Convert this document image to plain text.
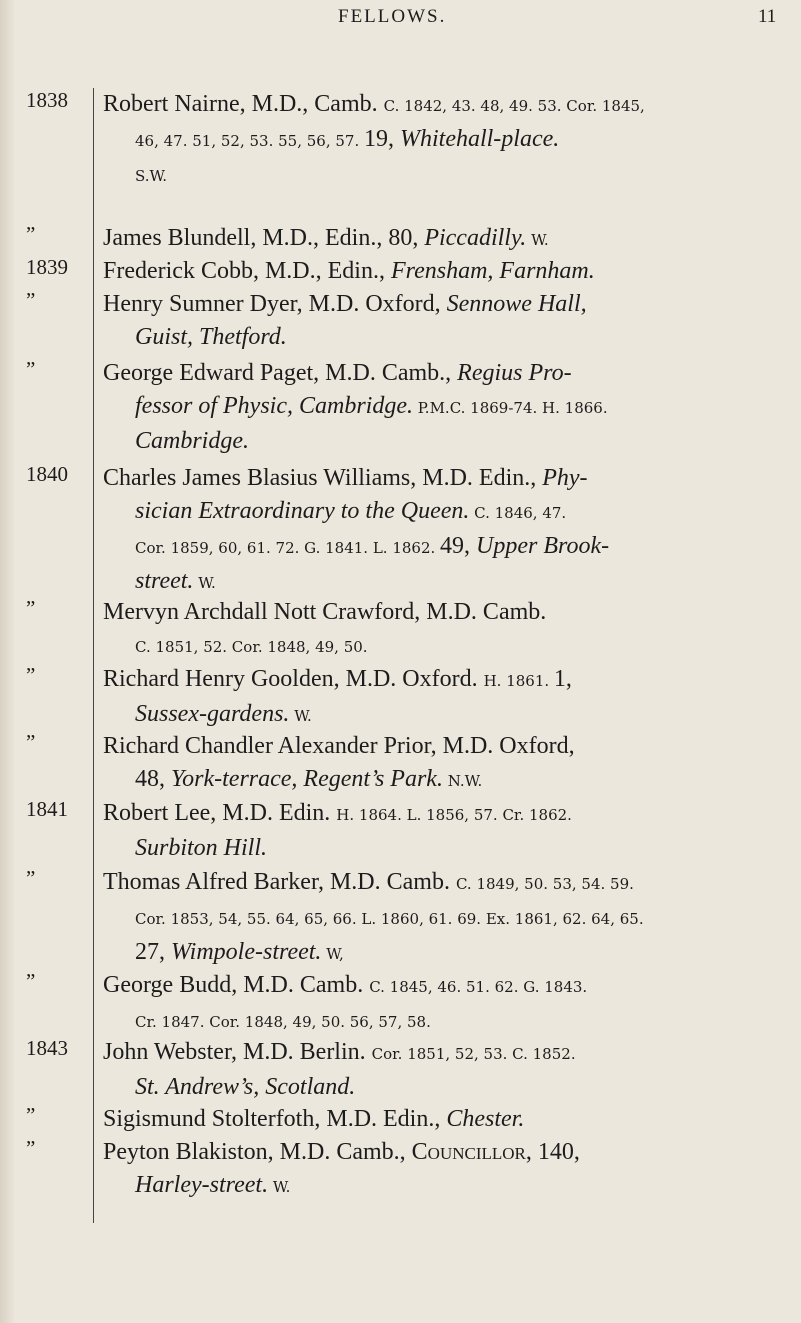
FELLOWS.	11
1838 Robert Nairne, M.D., Camb. C. 1842, 43. 48, 49. 53. Cor. 1845,
46, 47. 51, 52, 53. 55, 56, 57. 19, Whitehall-place.
S.W.
”	James Blundell, M.D., Edin., 80, Piccadilly. W.
1839 Frederick Cobb, M.D., Edin., Frensham, Farnham.
”	Henry Sumner Dyer, M.D. Oxford, Sennowe Hall,
Guist, Thetford.
”	George Edward Paget, M.D. Camb., Regius Pro-
fessor of Physic, Cambridge. P.M.C. 1869-74. H. 1866.
Cambridge.
1840 Charles James Blasius Williams, M.D. Edin., Phy-
sician Extraordinary to the Queen. C. 1846, 47.
Cor. 1859, 60, 61. 72. G. 1841. L. 1862. 49, Upper Brook-
street. W.
”	Mervyn Archdall Nott Crawford, M.D. Camb.
C. 1851, 52. Cor. 1848, 49, 50.
”	Richard Henry Goolden, M.D. Oxford. H. 1861. 1,
Sussex-gardens. W.
”	Richard Chandler Alexander Prior, M.D. Oxford,
48, York-terrace, Regent’s Park. N.W.
1841 Robert Lee, M.D. Edin. H. 1864. L. 1856, 57. Cr. 1862.
Surbiton Hill.
”	Thomas Alfred Barker, M.D. Camb. C. 1849, 50. 53, 54. 59.
Cor. 1853, 54, 55. 64, 65, 66. L. 1860, 61. 69. Ex. 1861, 62. 64, 65.
27, Wimpole-street. W,
”	George Budd, M.D. Camb. C. 1845, 46. 51. 62. G. 1843.
Cr. 1847. Cor. 1848, 49, 50. 56, 57, 58.
1843 John Webster, M.D. Berlin. Cor. 1851, 52, 53. C. 1852.
St. Andrew’s, Scotland.
”	Sigismund Stolterfoth, M.D. Edin., Chester.
”	Peyton Blakiston, M.D. Camb., Councillor, 140,
Harley-street. W.
